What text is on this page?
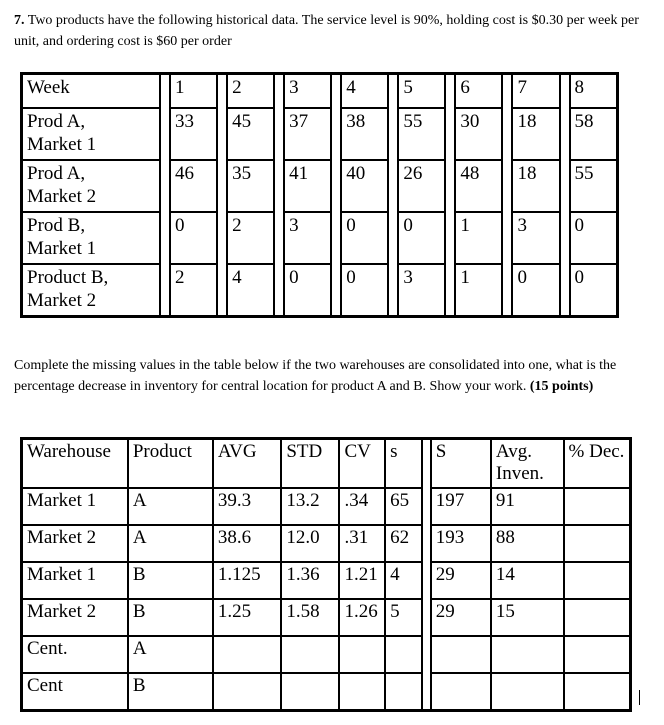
7. Two products have the following historical data. The service level is 90%, holding cost is $0.30 per week per unit, and ordering cost is $60 per order

Week		1		2		3		4		5		6		7		8
Prod A,
Market 1		33		45		37		38		55		30		18		58
Prod A,
Market 2		46		35		41		40		26		48		18		55
Prod B,
Market 1		0		2		3		0		0		1		3		0
Product B,
Market 2		2		4		0		0		3		1		0		0

Complete the missing values in the table below if the two warehouses are consolidated into one, what is the percentage decrease in inventory for central location for product A and B. Show your work. (15 points)

Warehouse	Product	AVG	STD	CV	s		S	Avg. Inven.	% Dec.
Market 1	A	39.3	13.2	.34	65		197	91	
Market 2	A	38.6	12.0	.31	62		193	88	
Market 1	B	1.125	1.36	1.21	4		29	14	
Market 2	B	1.25	1.58	1.26	5		29	15	
Cent.	A								
Cent	B								
